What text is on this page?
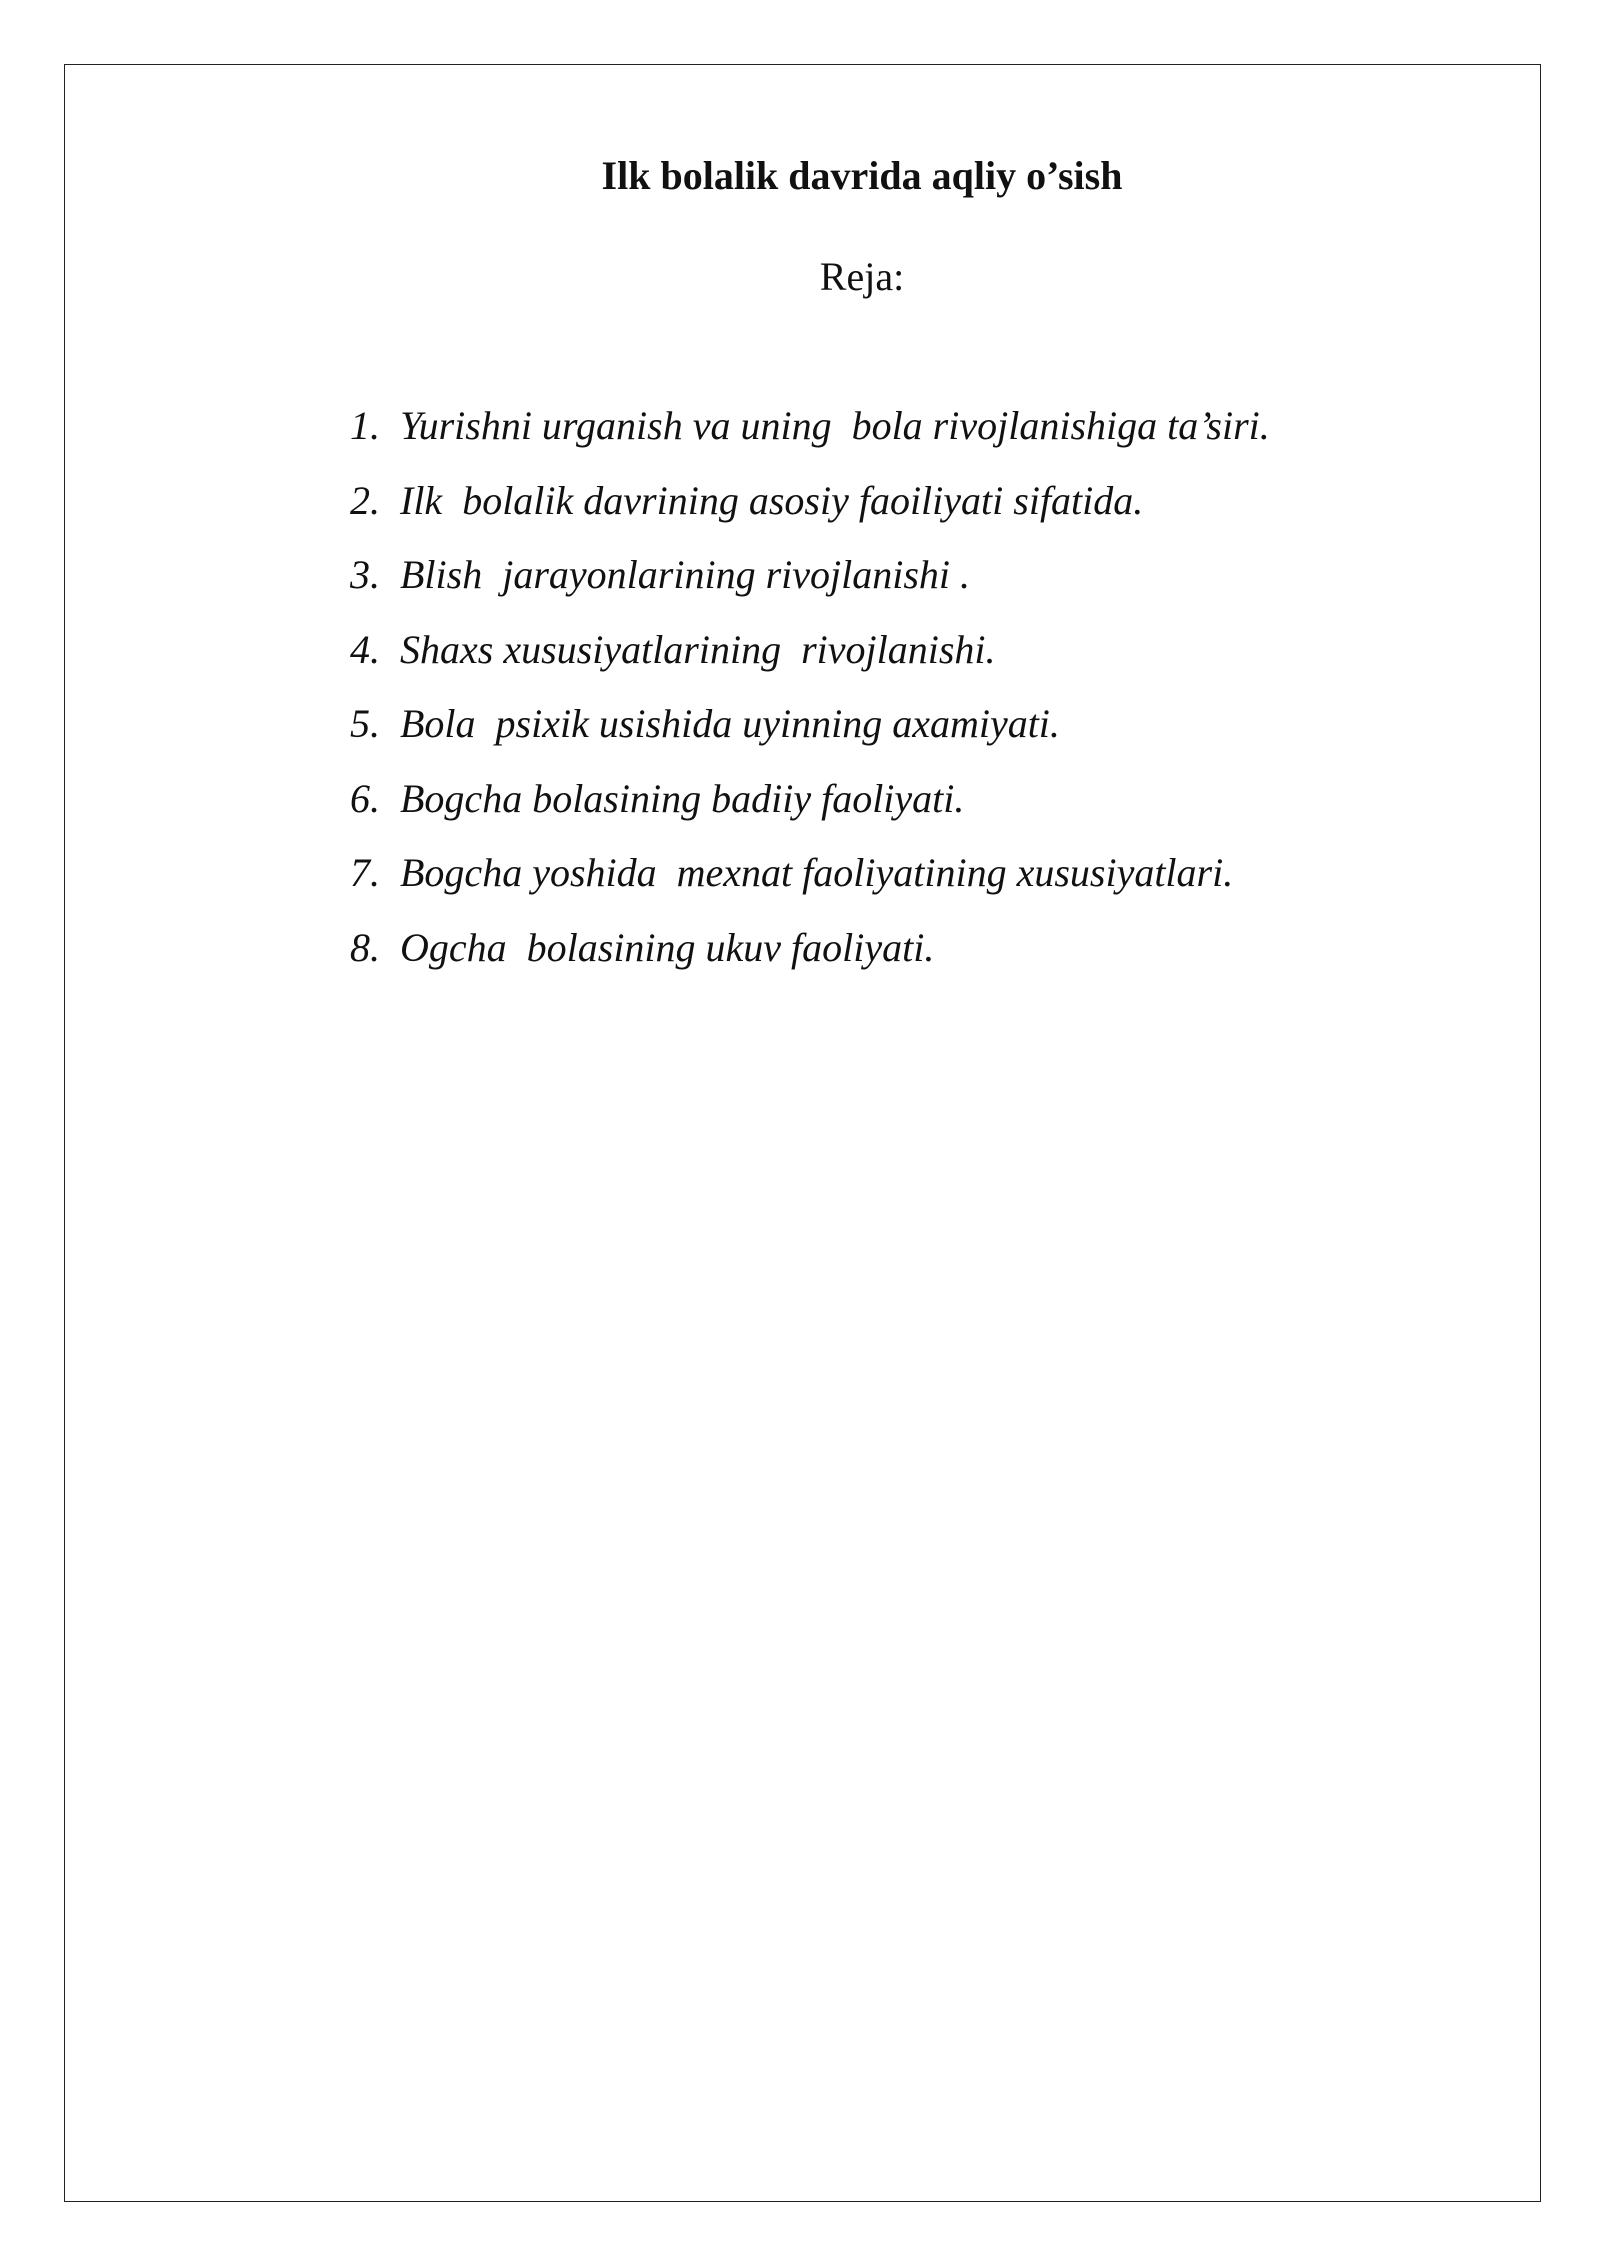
Ilk bolalik davrida aqliy o’sish

Reja:

1. Yurishni urganish va uning  bola rivojlanishiga ta’siri.
2. Ilk  bolalik davrining asosiy faoiliyati sifatida.
3. Blish  jarayonlarining rivojlanishi .
4. Shaxs xususiyatlarining  rivojlanishi.
5. Bola  psixik usishida uyinning axamiyati.
6. Bogcha bolasining badiiy faoliyati.
7. Bogcha yoshida  mexnat faoliyatining xususiyatlari.
8. Ogcha  bolasining ukuv faoliyati.
